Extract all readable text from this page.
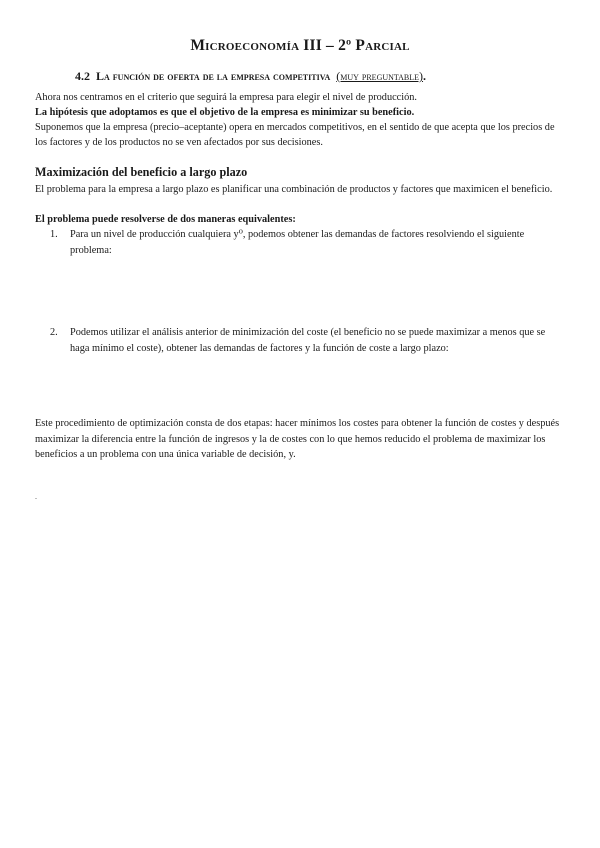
Microeconomía III – 2º Parcial
4.2 La función de oferta de la empresa competitiva (muy preguntable).
Ahora nos centramos en el criterio que seguirá la empresa para elegir el nivel de producción.
La hipótesis que adoptamos es que el objetivo de la empresa es minimizar su beneficio.
Suponemos que la empresa (precio–aceptante) opera en mercados competitivos, en el sentido de que acepta que los precios de los factores y de los productos no se ven afectados por sus decisiones.
Maximización del beneficio a largo plazo
El problema para la empresa a largo plazo es planificar una combinación de productos y factores que maximicen el beneficio.
El problema puede resolverse de dos maneras equivalentes:
1.	Para un nivel de producción cualquiera y⁰, podemos obtener las demandas de factores resolviendo el siguiente problema:
2.	Podemos utilizar el análisis anterior de minimización del coste (el beneficio no se puede maximizar a menos que se haga mínimo el coste), obtener las demandas de factores y la función de coste a largo plazo:
Este procedimiento de optimización consta de dos etapas: hacer mínimos los costes para obtener la función de costes y después maximizar la diferencia entre la función de ingresos y la de costes con lo que hemos reducido el problema de maximizar los beneficios a un problema con una única variable de decisión, y.
.
